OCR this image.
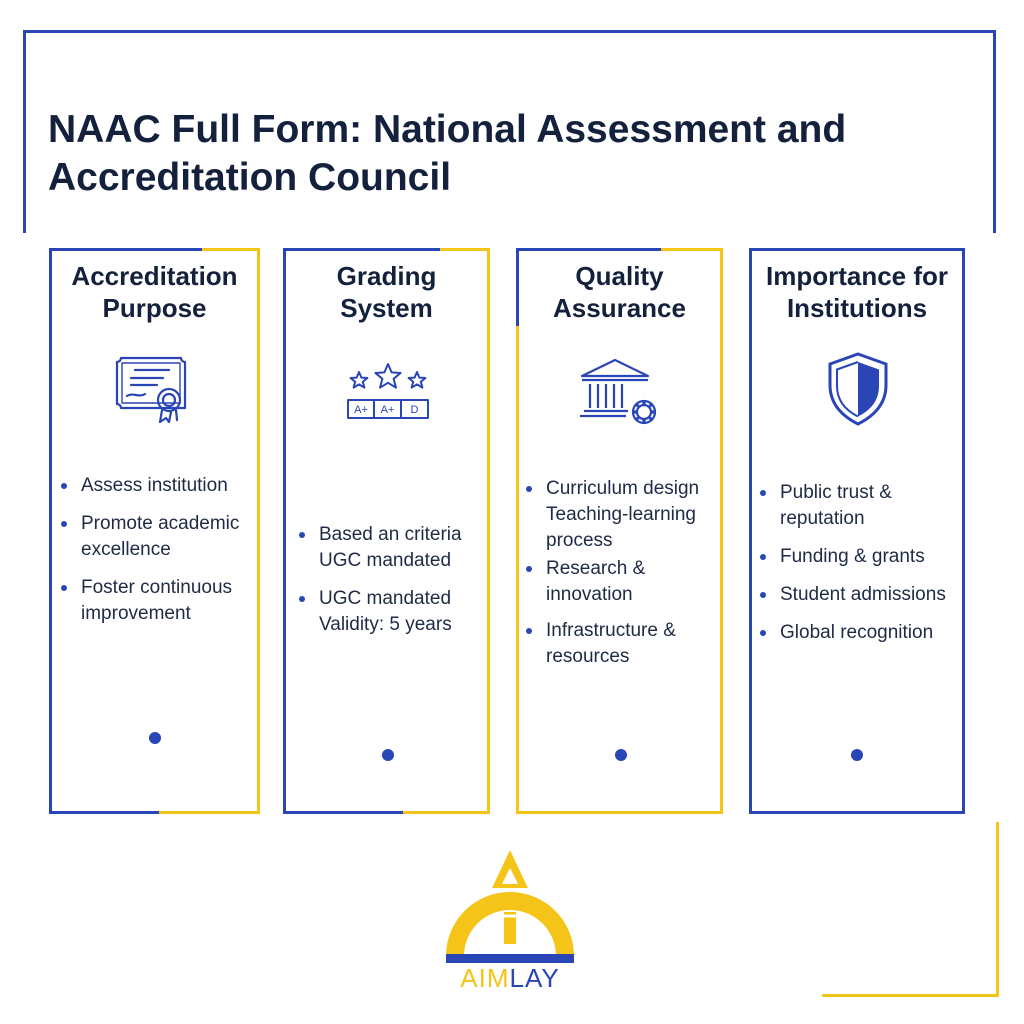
NAAC Full Form: National Assessment and
Accreditation Council
Accreditation
Purpose
Assess institution
Promote academic excellence
Foster continuous improvement
Grading
System
A+ A+ D
Based an criteria UGC mandated
UGC mandated Validity: 5 years
Quality
Assurance
Curriculum design Teaching-learning process
Research & innovation
Infrastructure & resources
Importance for
Institutions
Public trust & reputation
Funding & grants
Student admissions
Global recognition
AIMLAY
